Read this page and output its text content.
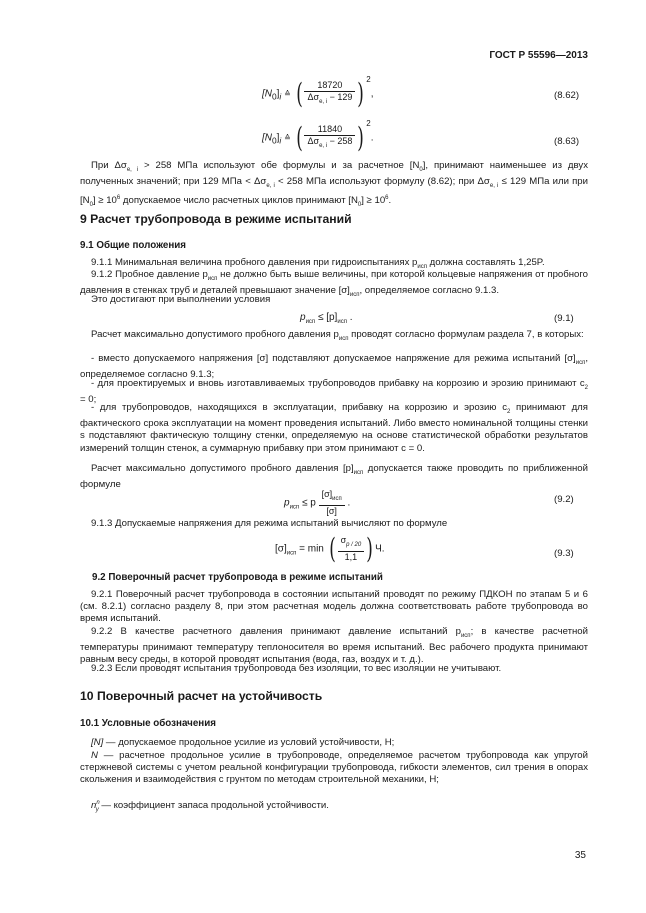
ГОСТ Р 55596—2013
$[N_0]_i$ ≙ ( $\frac{18720}{\Delta\sigma_{e, i} - 129}$ ) $^2$,	(8.62)
$[N_0]_i$ ≙ ( $\frac{11840}{\Delta\sigma_{e, i} - 258}$ ) $^2$.	(8.63)
При $\Delta\sigma_{e, i} > 258$ МПа используют обе формулы и за расчетное $[N_0]$, принимают наименьшее из двух полученных значений; при 129 МПа < $\Delta\sigma_{e, i} < 258$ МПа используют формулу (8.62); при $\Delta\sigma_{e, i} \le 129$ МПа или при $[N_0] \ge 10^6$ допускаемое число расчетных циклов принимают $[N_0] \ge 10^6$.
9 Расчет трубопровода в режиме испытаний
9.1 Общие положения
9.1.1 Минимальная величина пробного давления при гидроиспытаниях $p_{исп}$ должна составлять 1,25P.
9.1.2 Пробное давление $p_{исп}$ не должно быть выше величины, при которой кольцевые напряжения от пробного давления в стенках труб и деталей превышают значение $[\sigma]_{исп}$, определяемое согласно 9.1.3.
Это достигают при выполнении условия
$p_{исп} \le [p]_{исп}$ .	(9.1)
Расчет максимально допустимого пробного давления $p_{исп}$ проводят согласно формулам раздела 7, в которых:
- вместо допускаемого напряжения [σ] подставляют допускаемое напряжение для режима испытаний $[\sigma]_{исп}$, определяемое согласно 9.1.3;
- для проектируемых и вновь изготавливаемых трубопроводов прибавку на коррозию и эрозию принимают $c_2 = 0$;
- для трубопроводов, находящихся в эксплуатации, прибавку на коррозию и эрозию $c_2$ принимают для фактического срока эксплуатации на момент проведения испытаний. Либо вместо номинальной толщины стенки s подставляют фактическую толщину стенки, определяемую на основе статистической обработки результатов измерений толщин стенок, а суммарную прибавку при этом принимают c = 0.
Расчет максимально допустимого пробного давления $[p]_{исп}$ допускается также проводить по приближенной формуле
$p_{исп} \le p \frac{[\sigma]_{исп}}{[\sigma]}$ .	(9.2)
9.1.3 Допускаемые напряжения для режима испытаний вычисляют по формуле
$[\sigma]_{исп} = \min$ ( $\frac{\sigma_{p / 20}}{1,1}$ ) Ч.	(9.3)
9.2 Поверочный расчет трубопровода в режиме испытаний
9.2.1 Поверочный расчет трубопровода в состоянии испытаний проводят по режиму ПДКОН по этапам 5 и 6 (см. 8.2.1) согласно разделу 8, при этом расчетная модель должна соответствовать работе трубопровода во время испытаний.
9.2.2 В качестве расчетного давления принимают давление испытаний $p_{исп}$; в качестве расчетной температуры принимают температуру теплоносителя во время испытаний. Вес рабочего продукта принимают равным весу среды, в которой проводят испытания (вода, газ, воздух и т. д.).
9.2.3 Если проводят испытания трубопровода без изоляции, то вес изоляции не учитывают.
10 Поверочный расчет на устойчивость
10.1 Условные обозначения
[N] — допускаемое продольное усилие из условий устойчивости, Н;
N — расчетное продольное усилие в трубопроводе, определяемое расчетом трубопровода как упругой стержневой системы с учетом реальной конфигурации трубопровода, гибкости элементов, сил трения в опорах скольжения и взаимодействия с грунтом по методам строительной механики, Н;
$n^n_y$ — коэффициент запаса продольной устойчивости.
35
